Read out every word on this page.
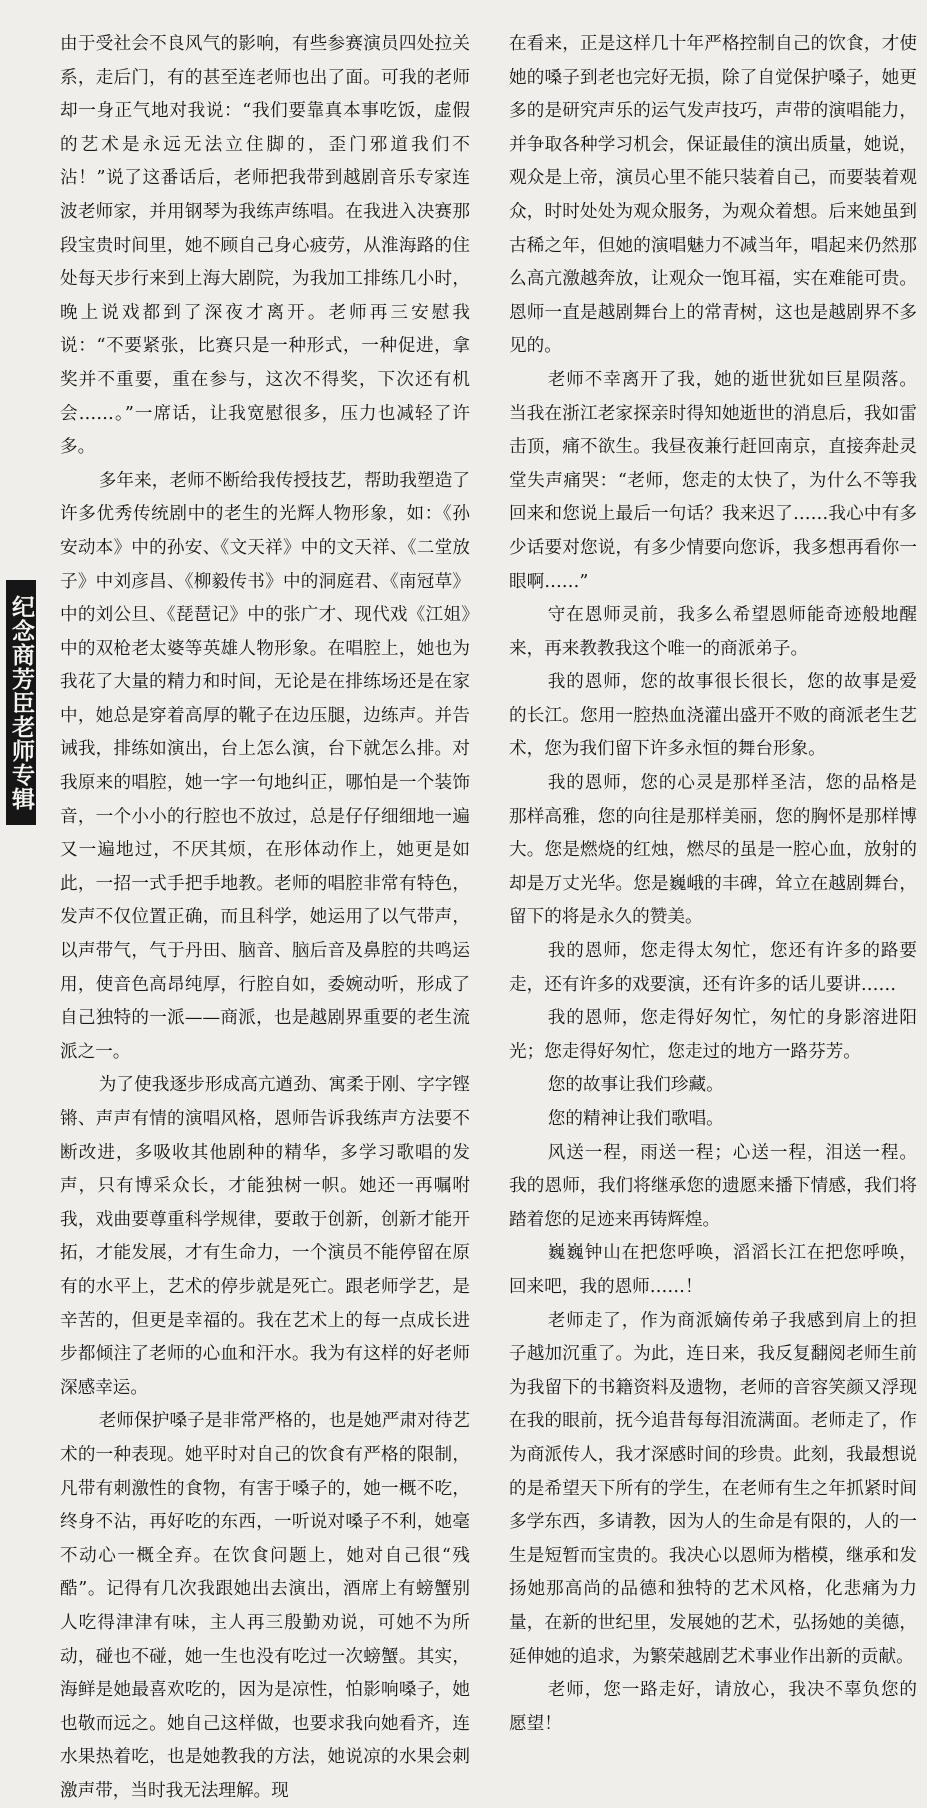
纪念商芳臣老师专辑

由于受社会不良风气的影响，有些参赛演员四处拉关系，走后门，有的甚至连老师也出了面。可我的老师却一身正气地对我说：“我们要靠真本事吃饭，虚假的艺术是永远无法立住脚的，歪门邪道我们不沾！”说了这番话后，老师把我带到越剧音乐专家连波老师家，并用钢琴为我练声练唱。在我进入决赛那段宝贵时间里，她不顾自己身心疲劳，从淮海路的住处每天步行来到上海大剧院，为我加工排练几小时，晚上说戏都到了深夜才离开。老师再三安慰我说：“不要紧张，比赛只是一种形式，一种促进，拿奖并不重要，重在参与，这次不得奖，下次还有机会……。”一席话，让我宽慰很多，压力也减轻了许多。

多年来，老师不断给我传授技艺，帮助我塑造了许多优秀传统剧中的老生的光辉人物形象，如：《孙安动本》中的孙安、《文天祥》中的文天祥、《二堂放子》中刘彦昌、《柳毅传书》中的洞庭君、《南冠草》中的刘公旦、《琵琶记》中的张广才、现代戏《江姐》中的双枪老太婆等英雄人物形象。在唱腔上，她也为我花了大量的精力和时间，无论是在排练场还是在家中，她总是穿着高厚的靴子在边压腿，边练声。并告诫我，排练如演出，台上怎么演，台下就怎么排。对我原来的唱腔，她一字一句地纠正，哪怕是一个装饰音，一个小小的行腔也不放过，总是仔仔细细地一遍又一遍地过，不厌其烦，在形体动作上，她更是如此，一招一式手把手地教。老师的唱腔非常有特色，发声不仅位置正确，而且科学，她运用了以气带声，以声带气，气于丹田、脑音、脑后音及鼻腔的共鸣运用，使音色高昂纯厚，行腔自如，委婉动听，形成了自己独特的一派——商派，也是越剧界重要的老生流派之一。

为了使我逐步形成高亢遒劲、寓柔于刚、字字铿锵、声声有情的演唱风格，恩师告诉我练声方法要不断改进，多吸收其他剧种的精华，多学习歌唱的发声，只有博采众长，才能独树一帜。她还一再嘱咐我，戏曲要尊重科学规律，要敢于创新，创新才能开拓，才能发展，才有生命力，一个演员不能停留在原有的水平上，艺术的停步就是死亡。跟老师学艺，是辛苦的，但更是幸福的。我在艺术上的每一点成长进步都倾注了老师的心血和汗水。我为有这样的好老师深感幸运。

老师保护嗓子是非常严格的，也是她严肃对待艺术的一种表现。她平时对自己的饮食有严格的限制，凡带有刺激性的食物，有害于嗓子的，她一概不吃，终身不沾，再好吃的东西，一听说对嗓子不利，她毫不动心一概全弃。在饮食问题上，她对自己很“残酷”。记得有几次我跟她出去演出，酒席上有螃蟹别人吃得津津有味，主人再三殷勤劝说，可她不为所动，碰也不碰，她一生也没有吃过一次螃蟹。其实，海鲜是她最喜欢吃的，因为是凉性，怕影响嗓子，她也敬而远之。她自己这样做，也要求我向她看齐，连水果热着吃，也是她教我的方法，她说凉的水果会刺激声带，当时我无法理解。现

在看来，正是这样几十年严格控制自己的饮食，才使她的嗓子到老也完好无损，除了自觉保护嗓子，她更多的是研究声乐的运气发声技巧，声带的演唱能力，并争取各种学习机会，保证最佳的演出质量，她说，观众是上帝，演员心里不能只装着自己，而要装着观众，时时处处为观众服务，为观众着想。后来她虽到古稀之年，但她的演唱魅力不减当年，唱起来仍然那么高亢激越奔放，让观众一饱耳福，实在难能可贵。恩师一直是越剧舞台上的常青树，这也是越剧界不多见的。

老师不幸离开了我，她的逝世犹如巨星陨落。当我在浙江老家探亲时得知她逝世的消息后，我如雷击顶，痛不欲生。我昼夜兼行赶回南京，直接奔赴灵堂失声痛哭：“老师，您走的太快了，为什么不等我回来和您说上最后一句话？我来迟了……我心中有多少话要对您说，有多少情要向您诉，我多想再看你一眼啊……”

守在恩师灵前，我多么希望恩师能奇迹般地醒来，再来教教我这个唯一的商派弟子。

我的恩师，您的故事很长很长，您的故事是爱的长江。您用一腔热血浇灌出盛开不败的商派老生艺术，您为我们留下许多永恒的舞台形象。

我的恩师，您的心灵是那样圣洁，您的品格是那样高雅，您的向往是那样美丽，您的胸怀是那样博大。您是燃烧的红烛，燃尽的虽是一腔心血，放射的却是万丈光华。您是巍峨的丰碑，耸立在越剧舞台，留下的将是永久的赞美。

我的恩师，您走得太匆忙，您还有许多的路要走，还有许多的戏要演，还有许多的话儿要讲……

我的恩师，您走得好匆忙，匆忙的身影溶进阳光；您走得好匆忙，您走过的地方一路芬芳。

您的故事让我们珍藏。

您的精神让我们歌唱。

风送一程，雨送一程；心送一程，泪送一程。我的恩师，我们将继承您的遗愿来播下情感，我们将踏着您的足迹来再铸辉煌。

巍巍钟山在把您呼唤，滔滔长江在把您呼唤，回来吧，我的恩师……！

老师走了，作为商派嫡传弟子我感到肩上的担子越加沉重了。为此，连日来，我反复翻阅老师生前为我留下的书籍资料及遗物，老师的音容笑颜又浮现在我的眼前，抚今追昔每每泪流满面。老师走了，作为商派传人，我才深感时间的珍贵。此刻，我最想说的是希望天下所有的学生，在老师有生之年抓紧时间多学东西，多请教，因为人的生命是有限的，人的一生是短暂而宝贵的。我决心以恩师为楷模，继承和发扬她那高尚的品德和独特的艺术风格，化悲痛为力量，在新的世纪里，发展她的艺术，弘扬她的美德，延伸她的追求，为繁荣越剧艺术事业作出新的贡献。

老师，您一路走好，请放心，我决不辜负您的愿望！
